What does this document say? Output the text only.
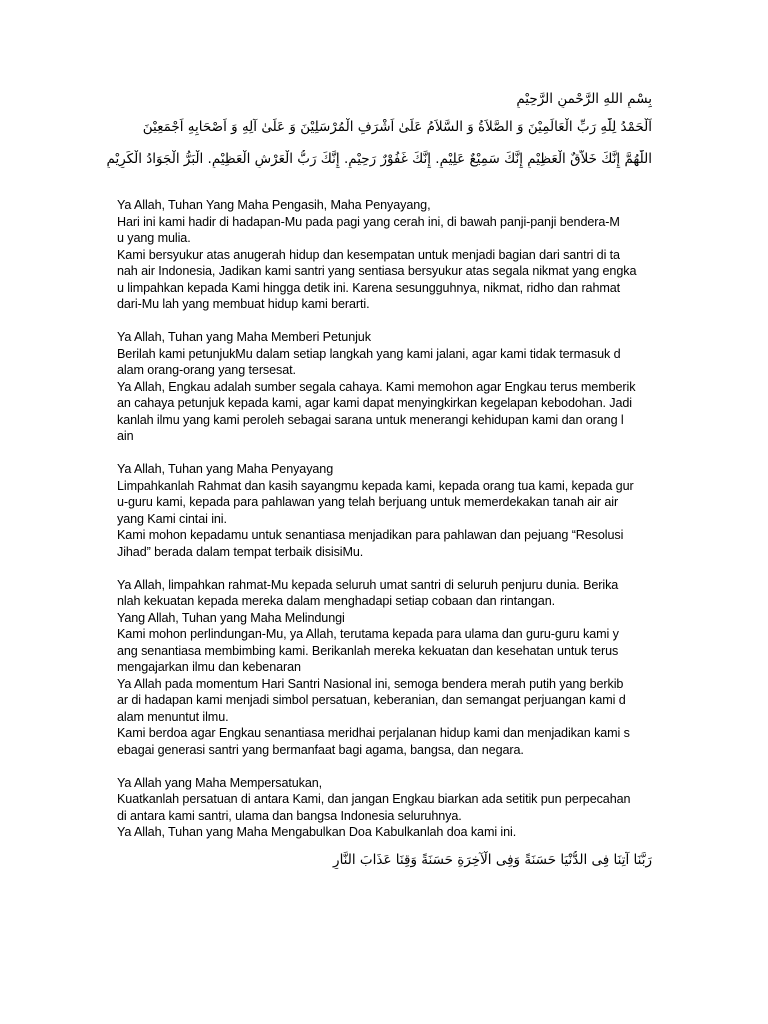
بِسْمِ اللهِ الرَّحْمنِ الرَّحِيْمِ
اَلْحَمْدُ لِلّٰهِ رَبِّ الْعَالَمِيْنَ وَ الصَّلاَةُ وَ السَّلاَمُ عَلَىٰ اَشْرَفِ الْمُرْسَلِيْنَ وَ عَلَىٰ آلِهِ وَ اَصْحَابِهِ اَجْمَعِيْنَ
اللّٰهُمَّ إِنَّكَ خَلاَّقٌ الْعَظِيْمِ إِنَّكَ سَمِيْعٌ عَلِيْمٍ. إِنَّكَ غَفُوْرٌ رَحِيْمٍ. إِنَّكَ رَبُّ الْعَرْشِ الْعَظِيْمِ. الْبَرُّ الْجَوَادُ الْكَرِيْمِ
Ya Allah, Tuhan Yang Maha Pengasih, Maha Penyayang,
Hari ini kami hadir di hadapan-Mu pada pagi yang cerah ini, di bawah panji-panji bendera-M
u yang mulia.
Kami bersyukur atas anugerah hidup dan kesempatan untuk menjadi bagian dari santri di ta
nah air Indonesia, Jadikan kami santri yang sentiasa bersyukur atas segala nikmat yang engka
u limpahkan kepada Kami hingga detik ini. Karena sesungguhnya, nikmat, ridho dan rahmat
dari-Mu lah yang membuat hidup kami berarti.
Ya Allah, Tuhan yang Maha Memberi Petunjuk
Berilah kami petunjukMu dalam setiap langkah yang kami jalani, agar kami tidak termasuk d
alam orang-orang yang tersesat.
Ya Allah, Engkau adalah sumber segala cahaya. Kami memohon agar Engkau terus memberik
an cahaya petunjuk kepada kami, agar kami dapat menyingkirkan kegelapan kebodohan. Jadi
kanlah ilmu yang kami peroleh sebagai sarana untuk menerangi kehidupan kami dan orang l
ain
Ya Allah, Tuhan yang Maha Penyayang
Limpahkanlah Rahmat dan kasih sayangmu kepada kami, kepada orang tua kami, kepada gur
u-guru kami, kepada para pahlawan yang telah berjuang untuk memerdekakan tanah air air
yang Kami cintai ini.
Kami mohon kepadamu untuk senantiasa menjadikan para pahlawan dan pejuang “Resolusi
Jihad” berada dalam tempat terbaik disisiMu.
Ya Allah, limpahkan rahmat-Mu kepada seluruh umat santri di seluruh penjuru dunia. Berika
nlah kekuatan kepada mereka dalam menghadapi setiap cobaan dan rintangan.
Yang Allah, Tuhan yang Maha Melindungi
Kami mohon perlindungan-Mu, ya Allah, terutama kepada para ulama dan guru-guru kami y
ang senantiasa membimbing kami. Berikanlah mereka kekuatan dan kesehatan untuk terus
mengajarkan ilmu dan kebenaran
Ya Allah pada momentum Hari Santri Nasional ini, semoga bendera merah putih yang berkib
ar di hadapan kami menjadi simbol persatuan, keberanian, dan semangat perjuangan kami d
alam menuntut ilmu.
Kami berdoa agar Engkau senantiasa meridhai perjalanan hidup kami dan menjadikan kami s
ebagai generasi santri yang bermanfaat bagi agama, bangsa, dan negara.
Ya Allah yang Maha Mempersatukan,
Kuatkanlah persatuan di antara Kami, dan jangan Engkau biarkan ada setitik pun perpecahan
di antara kami santri, ulama dan bangsa Indonesia seluruhnya.
Ya Allah, Tuhan yang Maha Mengabulkan Doa Kabulkanlah doa kami ini.
رَبَّنَا آتِنَا فِى الدُّنْيَا حَسَنَةً وَفِى الْآخِرَةِ حَسَنَةً وَقِنَا عَذَابَ النَّارِ
